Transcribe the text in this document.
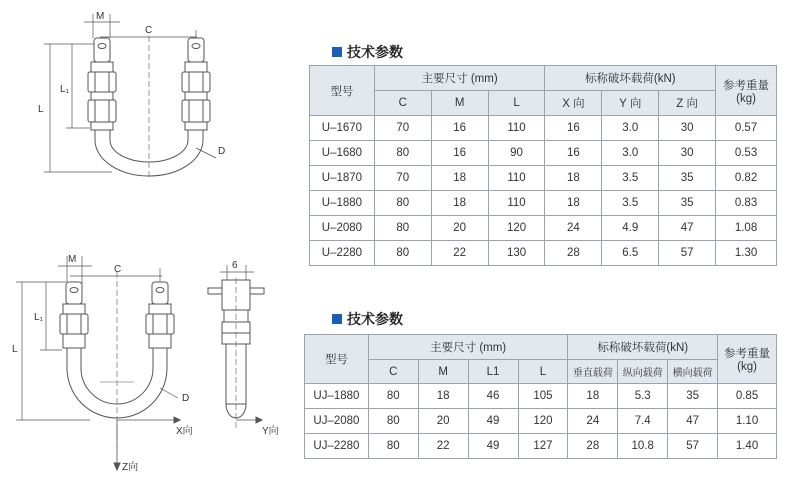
M
C
L₁
L
D
M
C
L₁
L
D
6
X向	Y向
Z向
技术参数
型号	主要尺寸 (mm)			标称破坏载荷(kN)			参考重量 (kg)
	C	M	L	X 向	Y 向	Z 向	
U–1670	70	16	110	16	3.0	30	0.57
U–1680	80	16	90	16	3.0	30	0.53
U–1870	70	18	110	18	3.5	35	0.82
U–1880	80	18	110	18	3.5	35	0.83
U–2080	80	20	120	24	4.9	47	1.08
U–2280	80	22	130	28	6.5	57	1.30
技术参数
型号	主要尺寸 (mm)				标称破坏载荷(kN)			参考重量 (kg)
	C	M	L1	L	垂直载荷	纵向载荷	横向载荷	
UJ–1880	80	18	46	105	18	5.3	35	0.85
UJ–2080	80	20	49	120	24	7.4	47	1.10
UJ–2280	80	22	49	127	28	10.8	57	1.40
